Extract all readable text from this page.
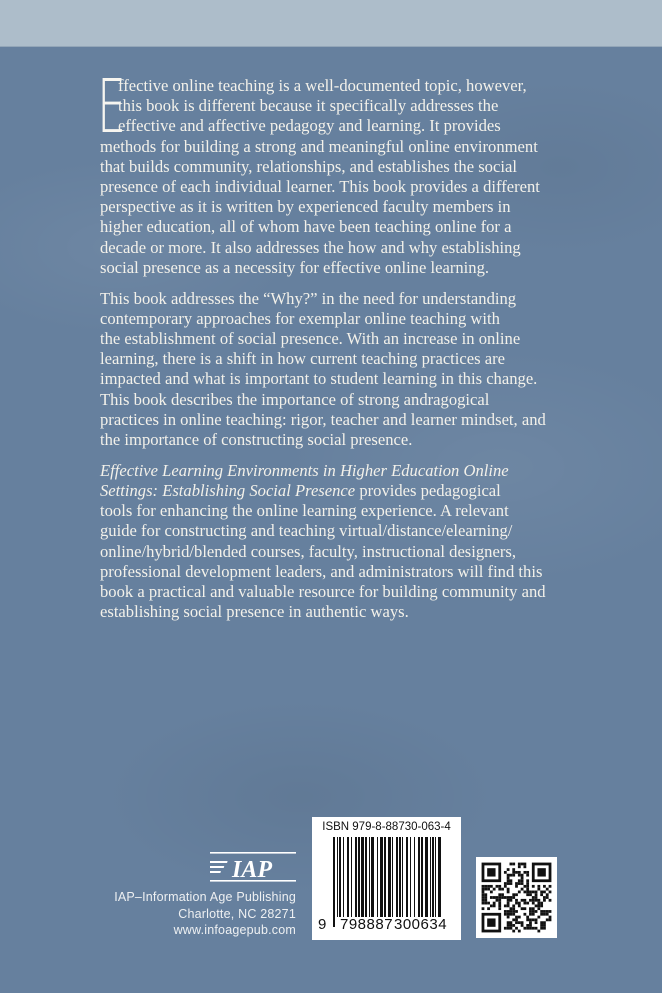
E
ffective online teaching is a well-documented topic, however,
this book is different because it specifically addresses the
effective and affective pedagogy and learning. It provides
methods for building a strong and meaningful online environment
that builds community, relationships, and establishes the social
presence of each individual learner. This book provides a different
perspective as it is written by experienced faculty members in
higher education, all of whom have been teaching online for a
decade or more. It also addresses the how and why establishing
social presence as a necessity for effective online learning.
This book addresses the “Why?” in the need for understanding
contemporary approaches for exemplar online teaching with
the establishment of social presence. With an increase in online
learning, there is a shift in how current teaching practices are
impacted and what is important to student learning in this change.
This book describes the importance of strong andragogical
practices in online teaching: rigor, teacher and learner mindset, and
the importance of constructing social presence.
Effective Learning Environments in Higher Education Online
Settings: Establishing Social Presence provides pedagogical
tools for enhancing the online learning experience. A relevant
guide for constructing and teaching virtual/distance/elearning/
online/hybrid/blended courses, faculty, instructional designers,
professional development leaders, and administrators will find this
book a practical and valuable resource for building community and
establishing social presence in authentic ways.
IAP
IAP–Information Age Publishing
Charlotte, NC 28271
www.infoagepub.com
ISBN 979-8-88730-063-4
9 798887 300634
